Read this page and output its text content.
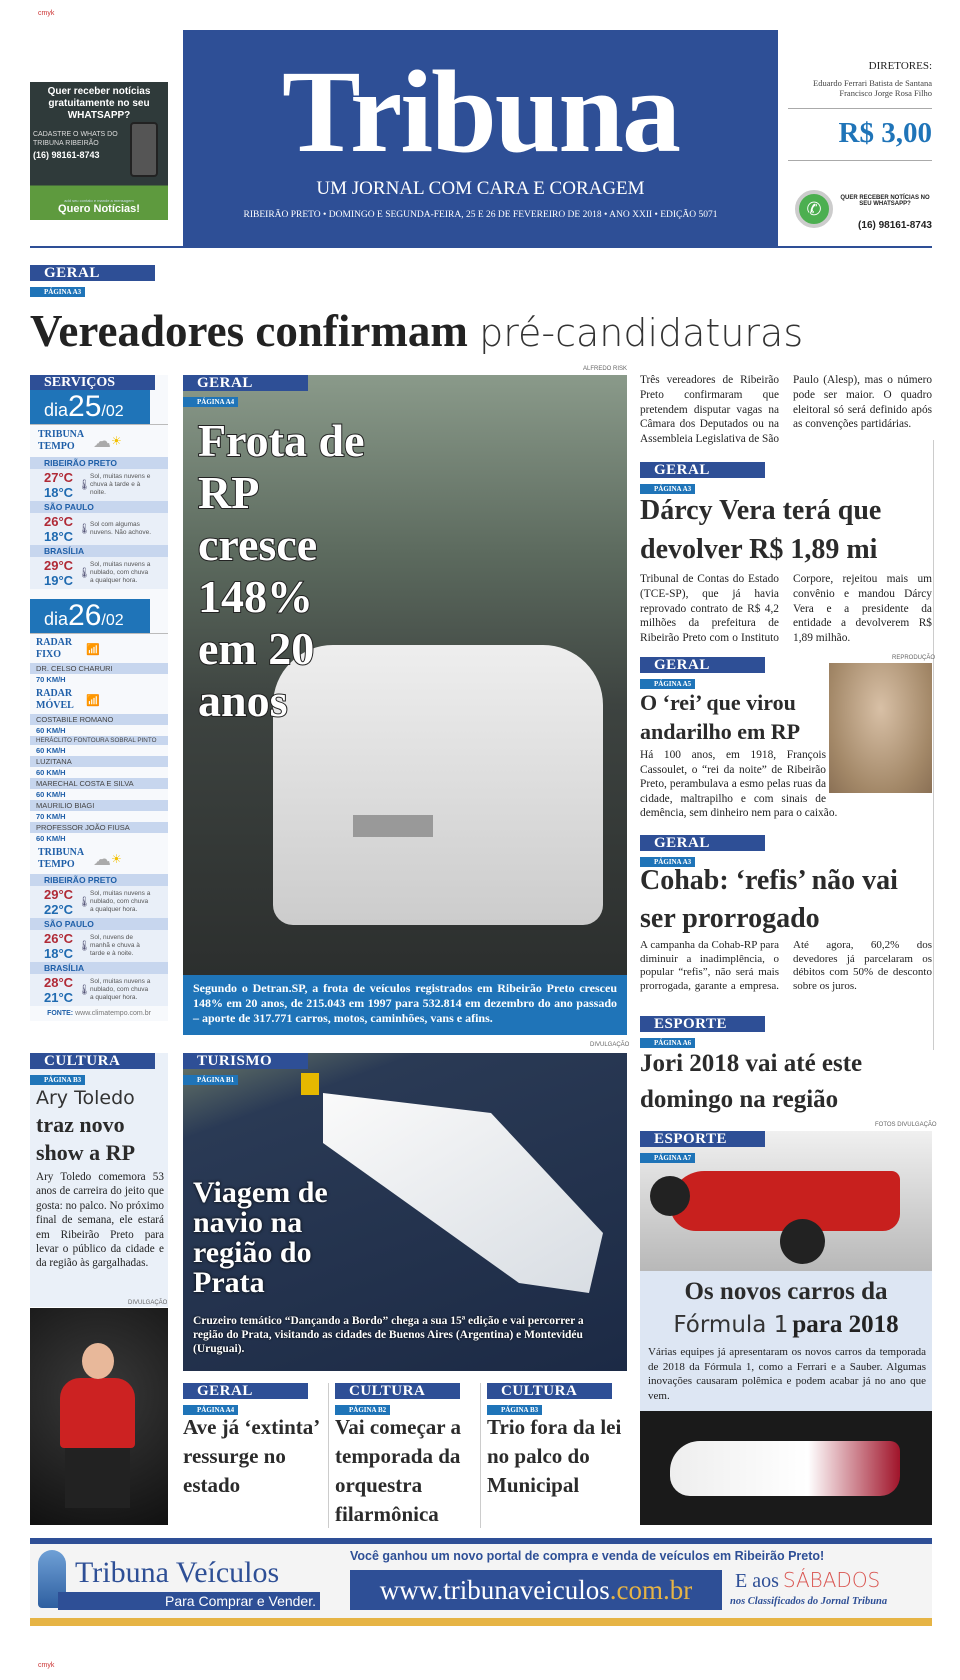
cmyk
cmyk
Quer receber notícias gratuitamente no seu WHATSAPP?
CADASTRE O WHATS DO TRIBUNA RIBEIRÃO
(16) 98161-8743
add seu contato e mande a mensagem
Quero Notícias!
Tribuna
UM JORNAL COM CARA E CORAGEM
RIBEIRÃO PRETO • DOMINGO E SEGUNDA-FEIRA, 25 E 26 DE FEVEREIRO DE 2018 • ANO XXII • EDIÇÃO 5071
DIRETORES:
Eduardo Ferrari Batista de Santana
Francisco Jorge Rosa Filho
R$ 3,00
✆
QUER RECEBER NOTÍCIAS NO SEU WHATSAPP?
(16) 98161-8743
GERAL
PÁGINA A3
Vereadores confirmam pré-candidaturas
ALFREDO RISK
Três vereadores de Ribeirão Preto confirmaram que pretendem disputar vagas na Câmara dos Deputados ou na Assembleia Legislativa de São Paulo (Alesp), mas o número pode ser maior. O quadro eleitoral só será definido após as convenções partidárias.
SERVIÇOS
dia25/02
TRIBUNA TEMPO	☁ ☀
RIBEIRÃO PRETO
27°C
18°C 🌡
Sol, muitas nuvens e chuva à tarde e à noite.
SÃO PAULO
26°C
18°C 🌡 Sol com algumas nuvens. Não achove.
BRASÍLIA
29°C
19°C 🌡
Sol, muitas nuvens a nublado, com chuva a qualquer hora.
dia26/02
RADAR FIXO	📶
DR. CELSO CHARURI
70 KM/H
RADAR MÓVEL	📶
COSTABILE ROMANO
60 KM/H
HERÁCLITO FONTOURA SOBRAL PINTO
60 KM/H
LUZITANA
60 KM/H
MARECHAL COSTA E SILVA
60 KM/H
MAURILIO BIAGI
70 KM/H
PROFESSOR JOÃO FIUSA
60 KM/H
TRIBUNA TEMPO	☁ ☀
RIBEIRÃO PRETO
29°C
22°C 🌡
Sol, muitas nuvens a nublado, com chuva a qualquer hora.
SÃO PAULO
26°C
18°C 🌡
Sol, nuvens de manhã e chuva à tarde e à noite.
BRASÍLIA
28°C
21°C 🌡
Sol, muitas nuvens a nublado, com chuva a qualquer hora.
FONTE: www.climatempo.com.br
GERAL
PÁGINA A4
Frota de RP cresce 148% em 20 anos
Segundo o Detran.SP, a frota de veículos registrados em Ribeirão Preto cresceu 148% em 20 anos, de 215.043 em 1997 para 532.814 em dezembro do ano passado – aporte de 317.771 carros, motos, caminhões, vans e afins.
DIVULGAÇÃO
TURISMO
PÁGINA B1
Viagem de navio na região do Prata
Cruzeiro temático “Dançando a Bordo” chega a sua 15ª edição e vai percorrer a região do Prata, visitando as cidades de Buenos Aires (Argentina) e Montevidéu (Uruguai).
GERAL
PÁGINA A4
Ave já ‘extinta’ ressurge no estado
CULTURA
PÁGINA B2
Vai começar a temporada da orquestra filarmônica
CULTURA
PÁGINA B3
Trio fora da lei no palco do Municipal
CULTURA
PÁGINA B3
Ary Toledo
traz novo show a RP
Ary Toledo comemora 53 anos de carreira do jeito que gosta: no palco. No próximo final de semana, ele estará em Ribeirão Preto para levar o público da cidade e da região às gargalhadas.
DIVULGAÇÃO
GERAL
PÁGINA A3
Dárcy Vera terá que devolver R$ 1,89 mi
Tribunal de Contas do Estado (TCE-SP), que já havia reprovado contrato de R$ 4,2 milhões da prefeitura de Ribeirão Preto com o Instituto Corpore, rejeitou mais um convênio e mandou Dárcy Vera e a presidente da entidade a devolverem R$ 1,89 milhão.
GERAL
PÁGINA A5
REPRODUÇÃO
O ‘rei’ que virou andarilho em RP
Há 100 anos, em 1918, François Cassoulet, o “rei da noite” de Ribeirão Preto, perambulava a esmo pelas ruas da cidade, maltrapilho e com sinais de demência, sem dinheiro nem para o caixão.
GERAL
PÁGINA A3
Cohab: ‘refis’ não vai ser prorrogado
A campanha da Cohab-RP para diminuir a inadimplência, o popular “refis”, não será mais prorrogada, garante a empresa. Até agora, 60,2% dos devedores já parcelaram os débitos com 50% de desconto sobre os juros.
ESPORTE
PÁGINA A6
Jori 2018 vai até este domingo na região
FOTOS DIVULGAÇÃO
ESPORTE
PÁGINA A7
Os novos carros da
Fórmula 1 para 2018
Várias equipes já apresentaram os novos carros da temporada de 2018 da Fórmula 1, como a Ferrari e a Sauber. Algumas inovações causaram polêmica e podem acabar já no ano que vem.
Tribuna Veículos
Para Comprar e Vender.
Você ganhou um novo portal de compra e venda de veículos em Ribeirão Preto!
www.tribunaveiculos.com.br	E aos SÁBADOS
nos Classificados do Jornal Tribuna
